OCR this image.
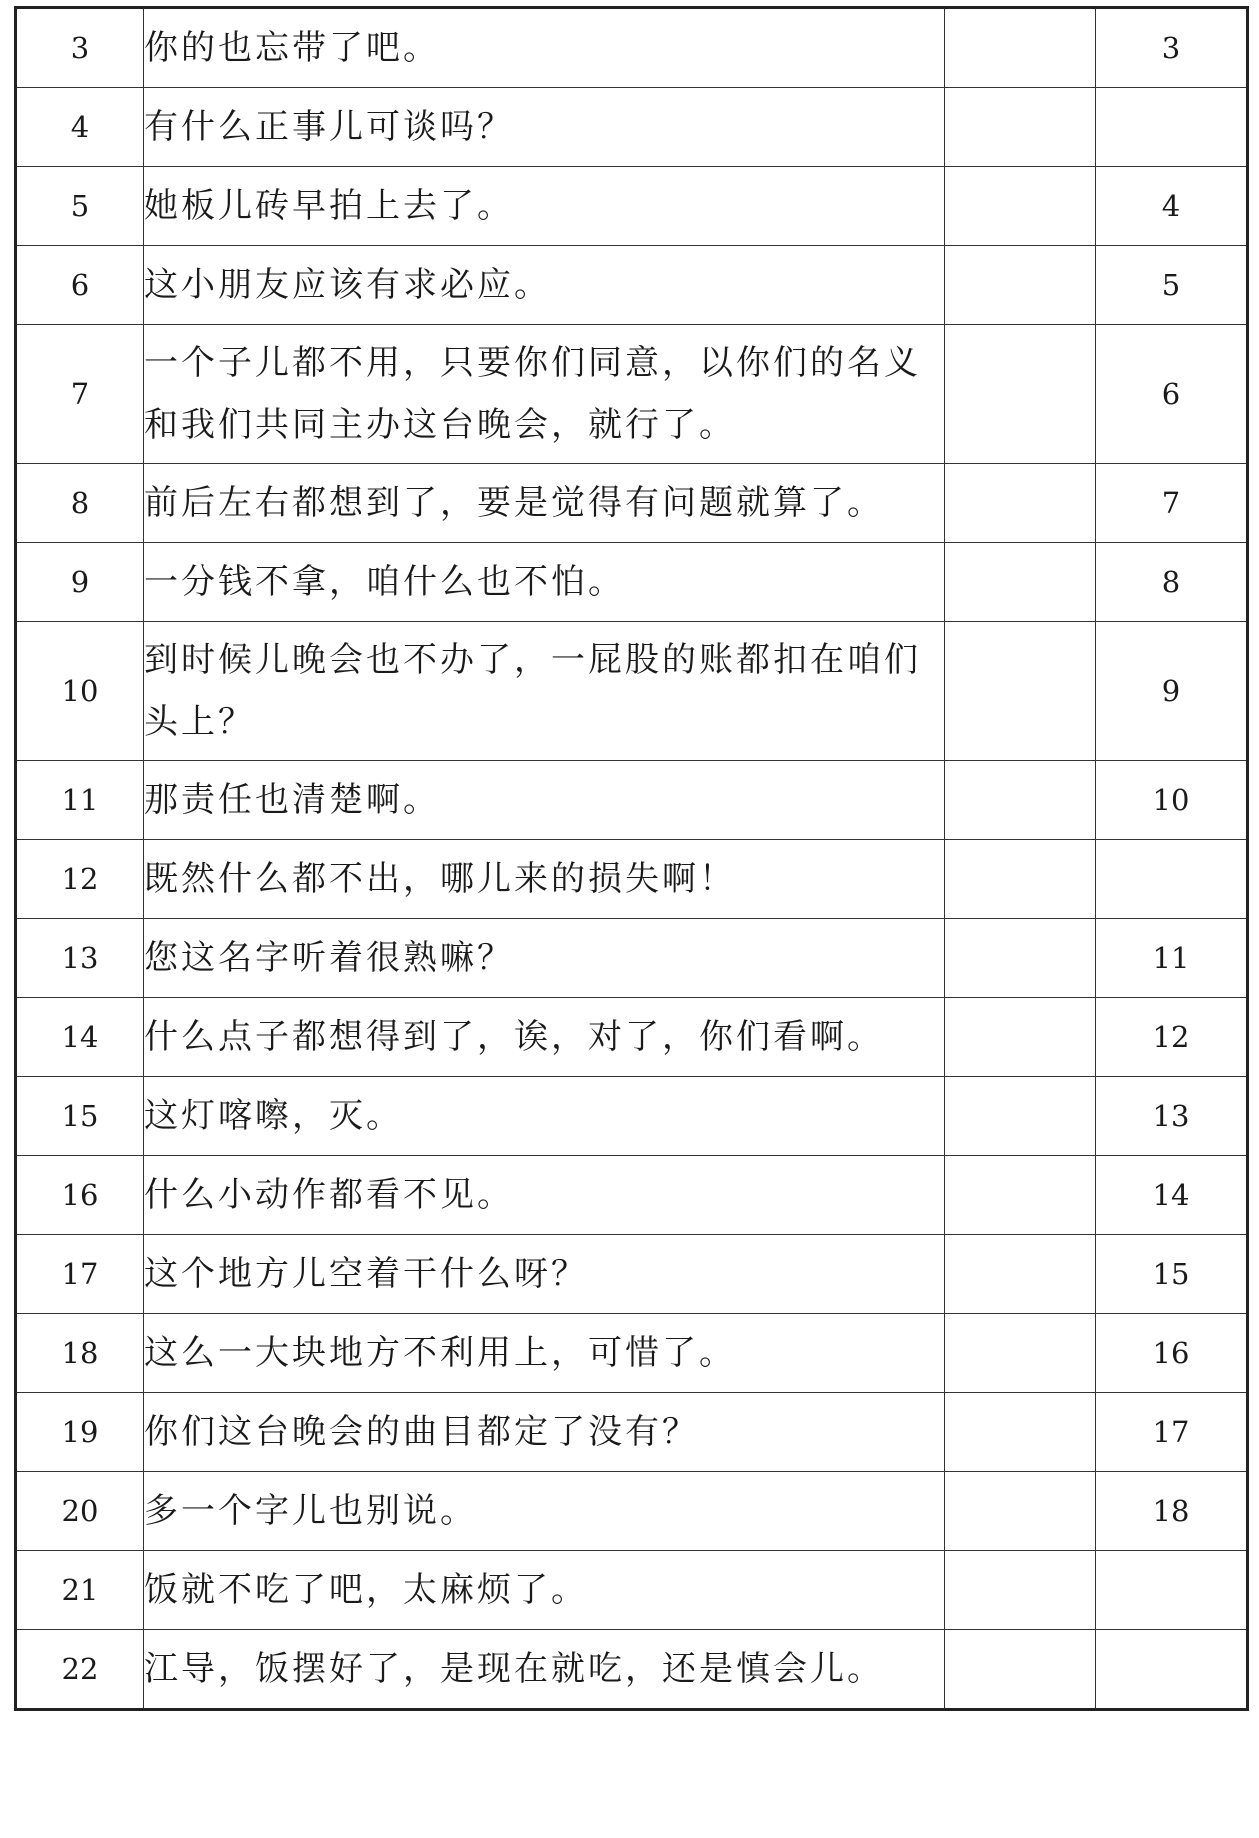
3	你的也忘带了吧。		3
4	有什么正事儿可谈吗？		
5	她板儿砖早拍上去了。		4
6	这小朋友应该有求必应。		5
7	一个子儿都不用，只要你们同意，以你们的名义和我们共同主办这台晚会，就行了。		6
8	前后左右都想到了，要是觉得有问题就算了。		7
9	一分钱不拿，咱什么也不怕。		8
10	到时候儿晚会也不办了，一屁股的账都扣在咱们头上？		9
11	那责任也清楚啊。		10
12	既然什么都不出，哪儿来的损失啊！		
13	您这名字听着很熟嘛？		11
14	什么点子都想得到了，诶，对了，你们看啊。		12
15	这灯喀嚓，灭。		13
16	什么小动作都看不见。		14
17	这个地方儿空着干什么呀？		15
18	这么一大块地方不利用上，可惜了。		16
19	你们这台晚会的曲目都定了没有？		17
20	多一个字儿也别说。		18
21	饭就不吃了吧，太麻烦了。		
22	江导，饭摆好了，是现在就吃，还是慎会儿。		
